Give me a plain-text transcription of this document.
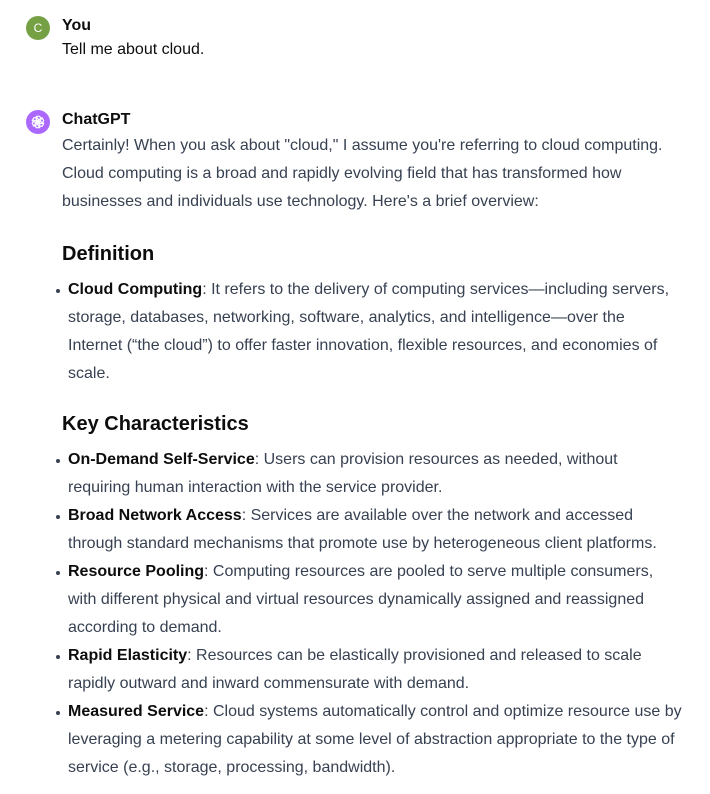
C You
Tell me about cloud.
ChatGPT

Certainly! When you ask about "cloud," I assume you're referring to cloud computing. Cloud computing is a broad and rapidly evolving field that has transformed how businesses and individuals use technology. Here's a brief overview:

Definition
Cloud Computing: It refers to the delivery of computing services—including servers, storage, databases, networking, software, analytics, and intelligence—over the Internet (“the cloud”) to offer faster innovation, flexible resources, and economies of scale.
Key Characteristics
On-Demand Self-Service: Users can provision resources as needed, without requiring human interaction with the service provider.
Broad Network Access: Services are available over the network and accessed through standard mechanisms that promote use by heterogeneous client platforms.
Resource Pooling: Computing resources are pooled to serve multiple consumers, with different physical and virtual resources dynamically assigned and reassigned according to demand.
Rapid Elasticity: Resources can be elastically provisioned and released to scale rapidly outward and inward commensurate with demand.
Measured Service: Cloud systems automatically control and optimize resource use by leveraging a metering capability at some level of abstraction appropriate to the type of service (e.g., storage, processing, bandwidth).
